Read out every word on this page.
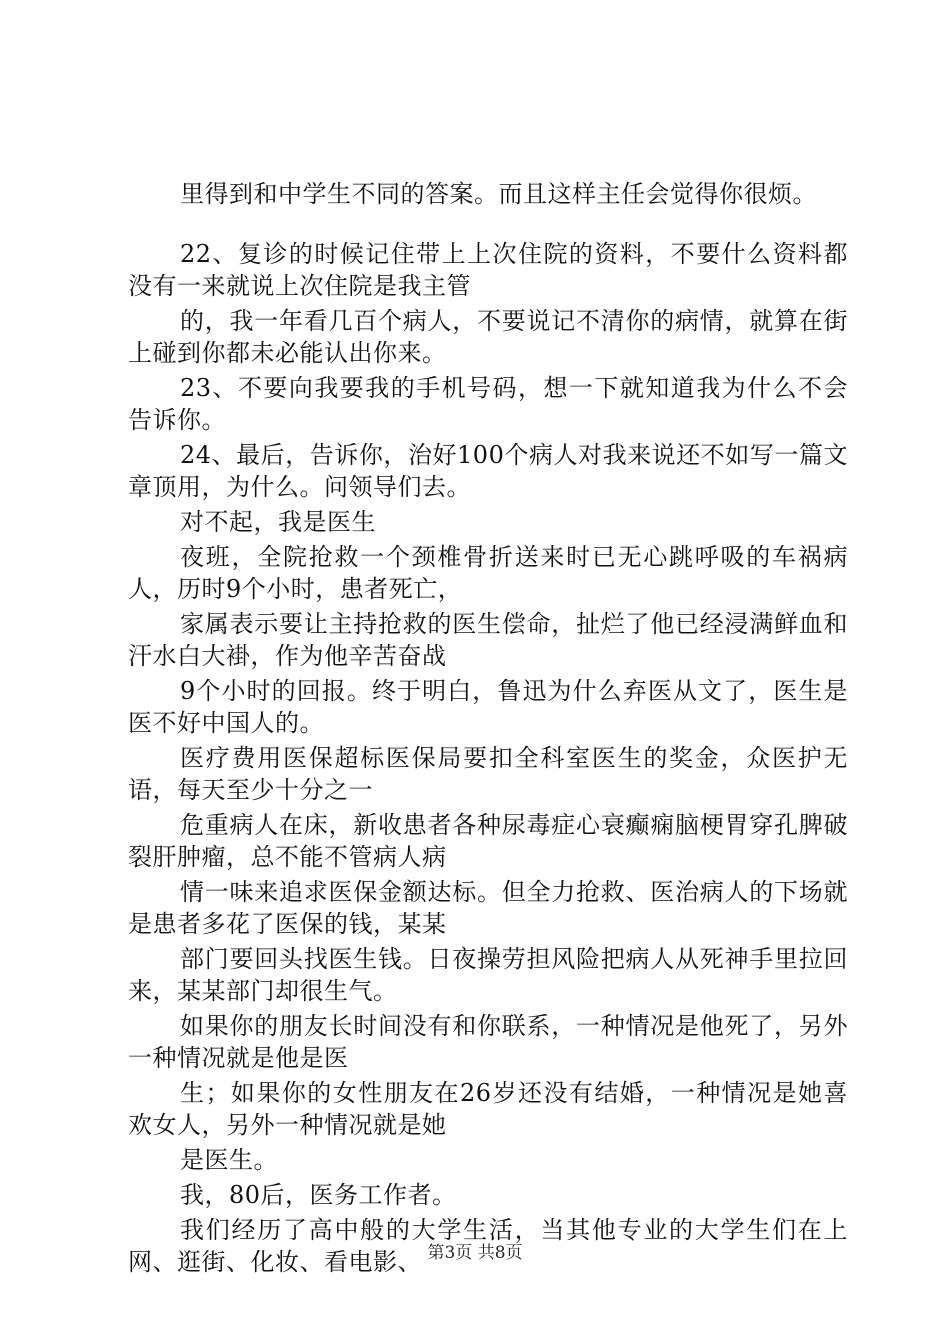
里得到和中学生不同的答案。而且这样主任会觉得你很烦。

22、复诊的时候记住带上上次住院的资料，不要什么资料都没有一来就说上次住院是我主管

的，我一年看几百个病人，不要说记不清你的病情，就算在街上碰到你都未必能认出你来。

23、不要向我要我的手机号码，想一下就知道我为什么不会告诉你。

24、最后，告诉你，治好100个病人对我来说还不如写一篇文章顶用，为什么。问领导们去。

对不起，我是医生

夜班，全院抢救一个颈椎骨折送来时已无心跳呼吸的车祸病人，历时9个小时，患者死亡，

家属表示要让主持抢救的医生偿命，扯烂了他已经浸满鲜血和汗水白大褂，作为他辛苦奋战

9个小时的回报。终于明白，鲁迅为什么弃医从文了，医生是医不好中国人的。

医疗费用医保超标医保局要扣全科室医生的奖金，众医护无语，每天至少十分之一

危重病人在床，新收患者各种尿毒症心衰癫痫脑梗胃穿孔脾破裂肝肿瘤，总不能不管病人病

情一味来追求医保金额达标。但全力抢救、医治病人的下场就是患者多花了医保的钱，某某

部门要回头找医生钱。日夜操劳担风险把病人从死神手里拉回来，某某部门却很生气。

如果你的朋友长时间没有和你联系，一种情况是他死了，另外一种情况就是他是医

生；如果你的女性朋友在26岁还没有结婚，一种情况是她喜欢女人，另外一种情况就是她

是医生。

我，80后，医务工作者。

我们经历了高中般的大学生活，当其他专业的大学生们在上网、逛街、化妆、看电影、 第3页 共8页
